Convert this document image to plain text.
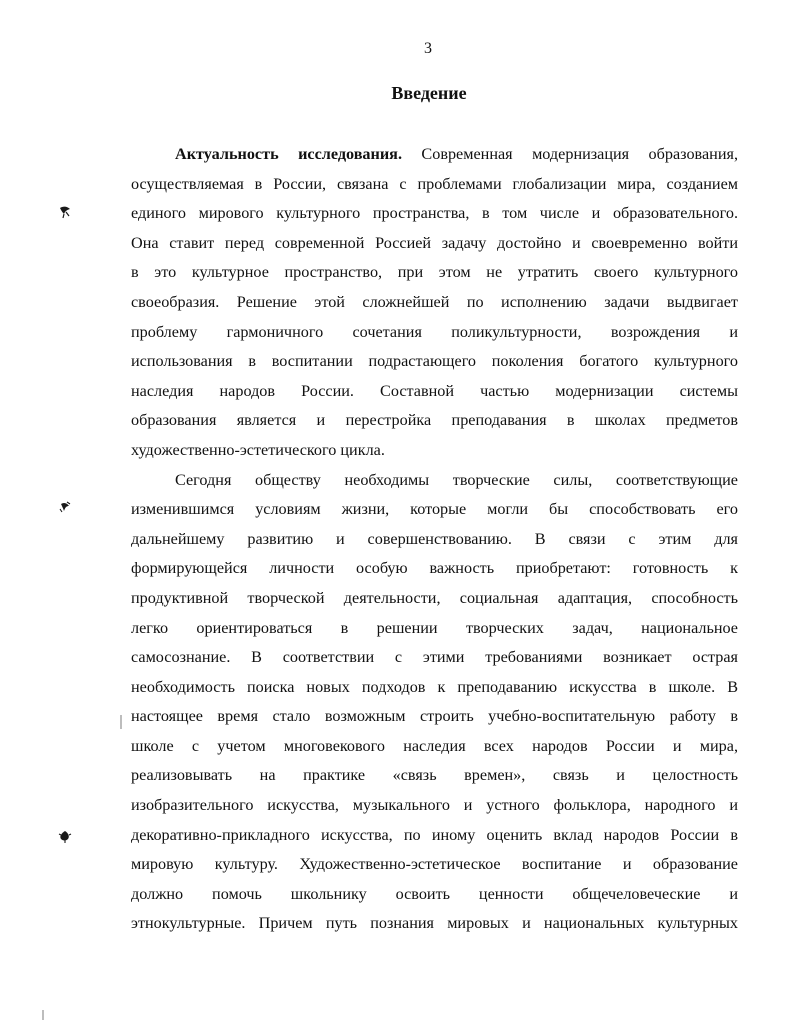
3
Введение
Актуальность исследования. Современная модернизация образования,
осуществляемая в России, связана с проблемами глобализации мира, созданием
единого мирового культурного пространства, в том числе и образовательного.
Она ставит перед современной Россией задачу достойно и своевременно войти
в это культурное пространство, при этом не утратить своего культурного
своеобразия. Решение этой сложнейшей по исполнению задачи выдвигает
проблему гармоничного сочетания поликультурности, возрождения и
использования в воспитании подрастающего поколения богатого культурного
наследия народов России. Составной частью модернизации системы
образования является и перестройка преподавания в школах предметов
художественно-эстетического цикла.
Сегодня обществу необходимы творческие силы, соответствующие
изменившимся условиям жизни, которые могли бы способствовать его
дальнейшему развитию и совершенствованию. В связи с этим для
формирующейся личности особую важность приобретают: готовность к
продуктивной творческой деятельности, социальная адаптация, способность
легко ориентироваться в решении творческих задач, национальное
самосознание. В соответствии с этими требованиями возникает острая
необходимость поиска новых подходов к преподаванию искусства в школе. В
настоящее время стало возможным строить учебно-воспитательную работу в
школе с учетом многовекового наследия всех народов России и мира,
реализовывать на практике «связь времен», связь и целостность
изобразительного искусства, музыкального и устного фольклора, народного и
декоративно-прикладного искусства, по иному оценить вклад народов России в
мировую культуру. Художественно-эстетическое воспитание и образование
должно помочь школьнику освоить ценности общечеловеческие и
этнокультурные. Причем путь познания мировых и национальных культурных
